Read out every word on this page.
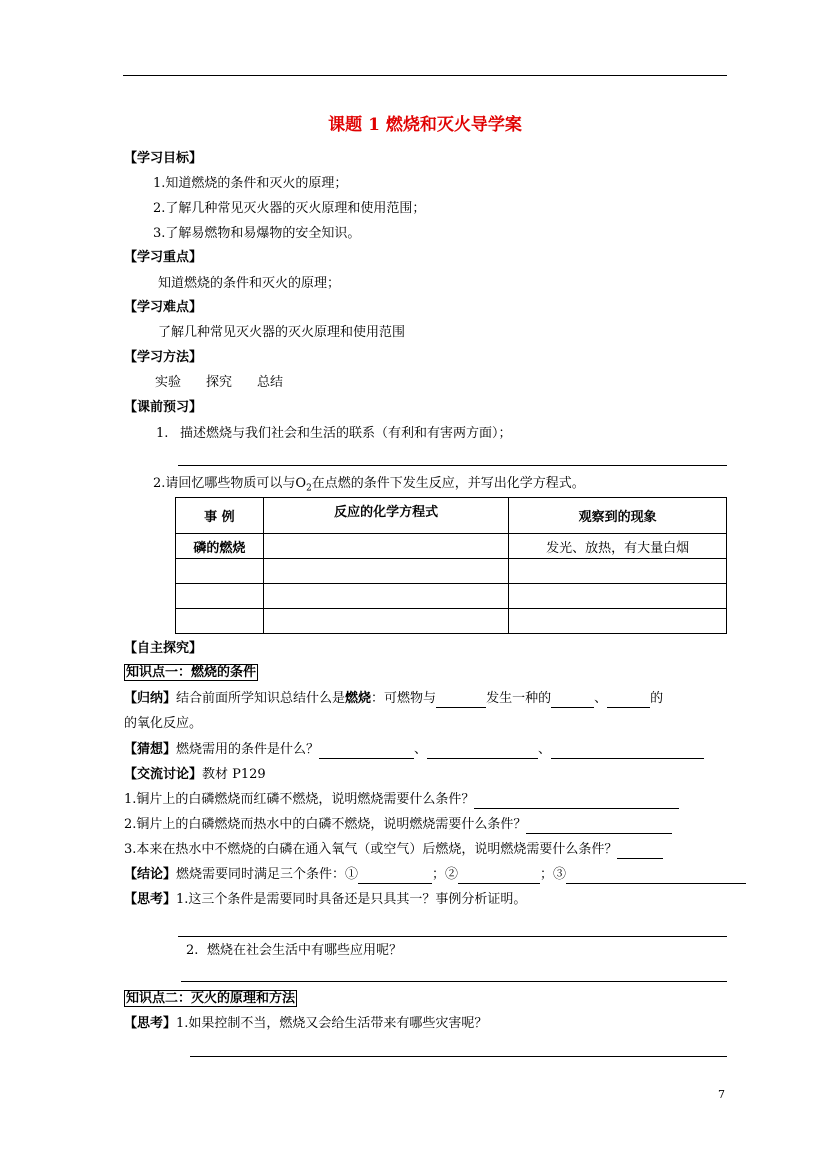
课题 1 燃烧和灭火导学案
【学习目标】
1.知道燃烧的条件和灭火的原理；
2.了解几种常见灭火器的灭火原理和使用范围；
3.了解易燃物和易爆物的安全知识。
【学习重点】
知道燃烧的条件和灭火的原理；
【学习难点】
了解几种常见灭火器的灭火原理和使用范围
【学习方法】
实验 探究 总结
【课前预习】
1. 描述燃烧与我们社会和生活的联系（有利和有害两方面）；
2.请回忆哪些物质可以与$O_2$在点燃的条件下发生反应，并写出化学方程式。
事 例	反应的化学方程式	观察到的现象
磷的燃烧		发光、放热，有大量白烟

【自主探究】
知识点一：燃烧的条件
【归纳】结合前面所学知识总结什么是燃烧：可燃物与	发生一种的	、	的
的氧化反应。
【猜想】燃烧需用的条件是什么？	、	、
【交流讨论】教材 P129
1.铜片上的白磷燃烧而红磷不燃烧，说明燃烧需要什么条件？
2.铜片上的白磷燃烧而热水中的白磷不燃烧，说明燃烧需要什么条件？
3.本来在热水中不燃烧的白磷在通入氧气（或空气）后燃烧，说明燃烧需要什么条件？
【结论】燃烧需要同时满足三个条件：①	；②	；③
【思考】1.这三个条件是需要同时具备还是只具其一？事例分析证明。
2. 燃烧在社会生活中有哪些应用呢？
知识点二：灭火的原理和方法
【思考】1.如果控制不当，燃烧又会给生活带来有哪些灾害呢？
7
